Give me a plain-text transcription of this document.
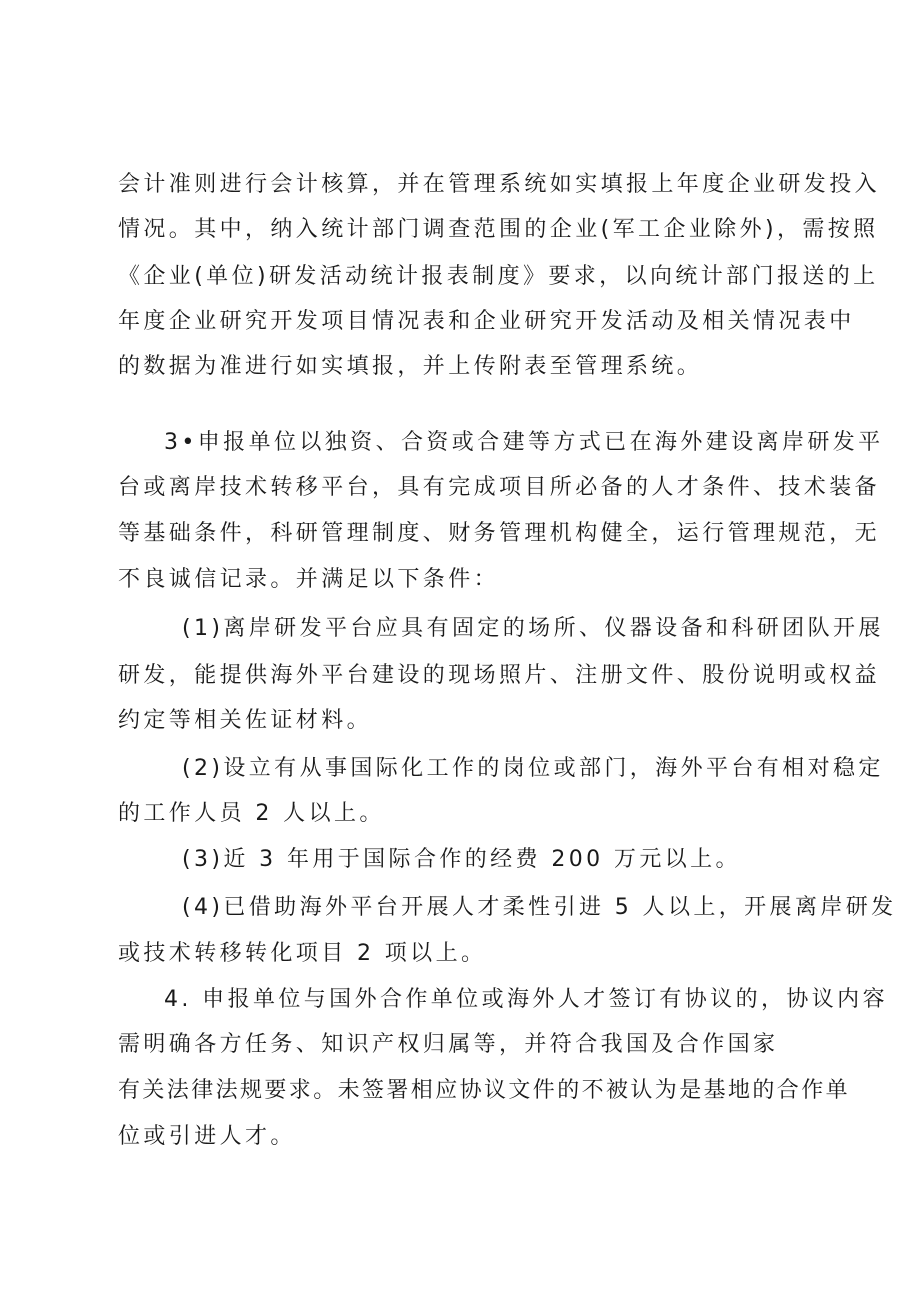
会计准则进行会计核算，并在管理系统如实填报上年度企业研发投入
情况。其中，纳入统计部门调查范围的企业(军工企业除外)，需按照
《企业(单位)研发活动统计报表制度》要求，以向统计部门报送的上
年度企业研究开发项目情况表和企业研究开发活动及相关情况表中
的数据为准进行如实填报，并上传附表至管理系统。
3•申报单位以独资、合资或合建等方式已在海外建设离岸研发平
台或离岸技术转移平台，具有完成项目所必备的人才条件、技术装备
等基础条件，科研管理制度、财务管理机构健全，运行管理规范，无
不良诚信记录。并满足以下条件：
(1)离岸研发平台应具有固定的场所、仪器设备和科研团队开展
研发，能提供海外平台建设的现场照片、注册文件、股份说明或权益
约定等相关佐证材料。
(2)设立有从事国际化工作的岗位或部门，海外平台有相对稳定
的工作人员 2 人以上。
(3)近 3 年用于国际合作的经费 200 万元以上。
(4)已借助海外平台开展人才柔性引进 5 人以上，开展离岸研发
或技术转移转化项目 2 项以上。
4. 申报单位与国外合作单位或海外人才签订有协议的，协议内容
需明确各方任务、知识产权归属等，并符合我国及合作国家
有关法律法规要求。未签署相应协议文件的不被认为是基地的合作单
位或引进人才。
